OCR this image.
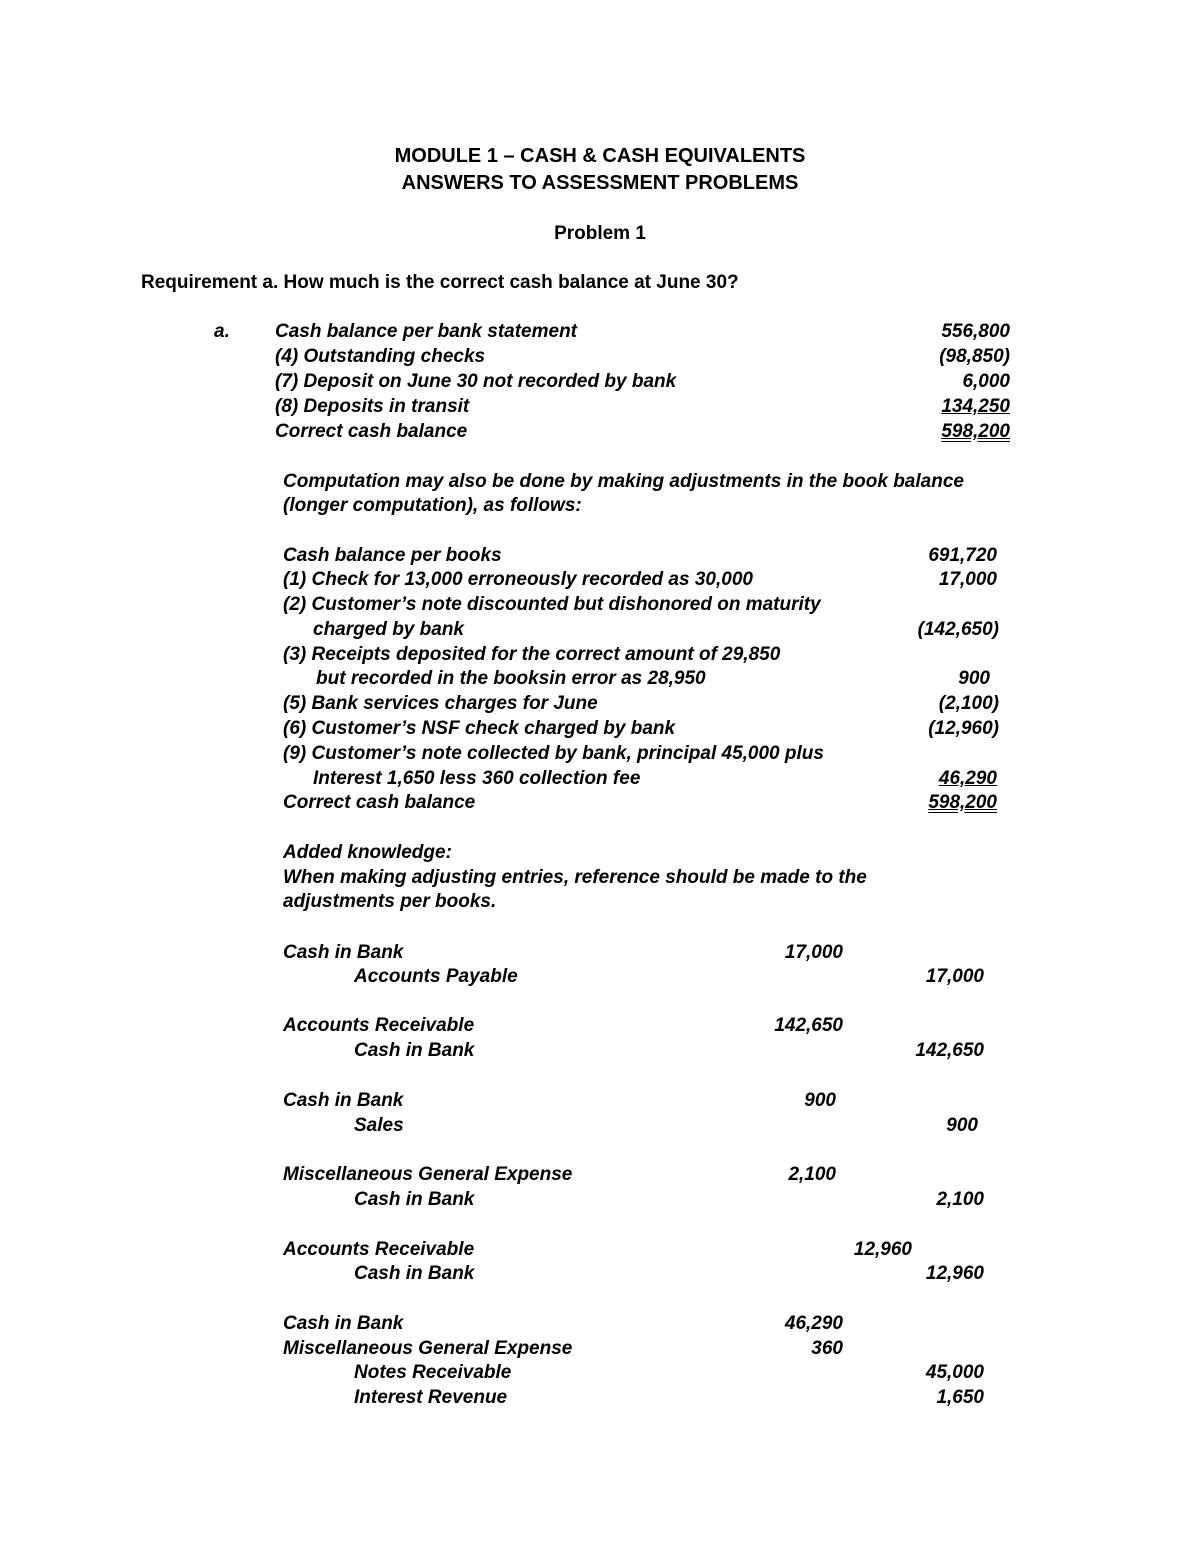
MODULE 1 – CASH & CASH EQUIVALENTS
ANSWERS TO ASSESSMENT PROBLEMS
Problem 1
Requirement a. How much is the correct cash balance at June 30?
a. Cash balance per bank statement	556,800
(4) Outstanding checks	(98,850)
(7) Deposit on June 30 not recorded by bank	6,000
(8) Deposits in transit	134,250
Correct cash balance	598,200
Computation may also be done by making adjustments in the book balance
(longer computation), as follows:
Cash balance per books	691,720
(1) Check for 13,000 erroneously recorded as 30,000	17,000
(2) Customer’s note discounted but dishonored on maturity
charged by bank	(142,650)
(3) Receipts deposited for the correct amount of 29,850
but recorded in the booksin error as 28,950	900
(5) Bank services charges for June	(2,100)
(6) Customer’s NSF check charged by bank	(12,960)
(9) Customer’s note collected by bank, principal 45,000 plus
Interest 1,650 less 360 collection fee	46,290
Correct cash balance	598,200
Added knowledge:
When making adjusting entries, reference should be made to the
adjustments per books.
Cash in Bank	17,000
Accounts Payable	17,000
Accounts Receivable	142,650
Cash in Bank	142,650
Cash in Bank	900
Sales	900
Miscellaneous General Expense	2,100
Cash in Bank	2,100
Accounts Receivable	12,960
Cash in Bank	12,960
Cash in Bank	46,290
Miscellaneous General Expense	360
Notes Receivable	45,000
Interest Revenue	1,650
